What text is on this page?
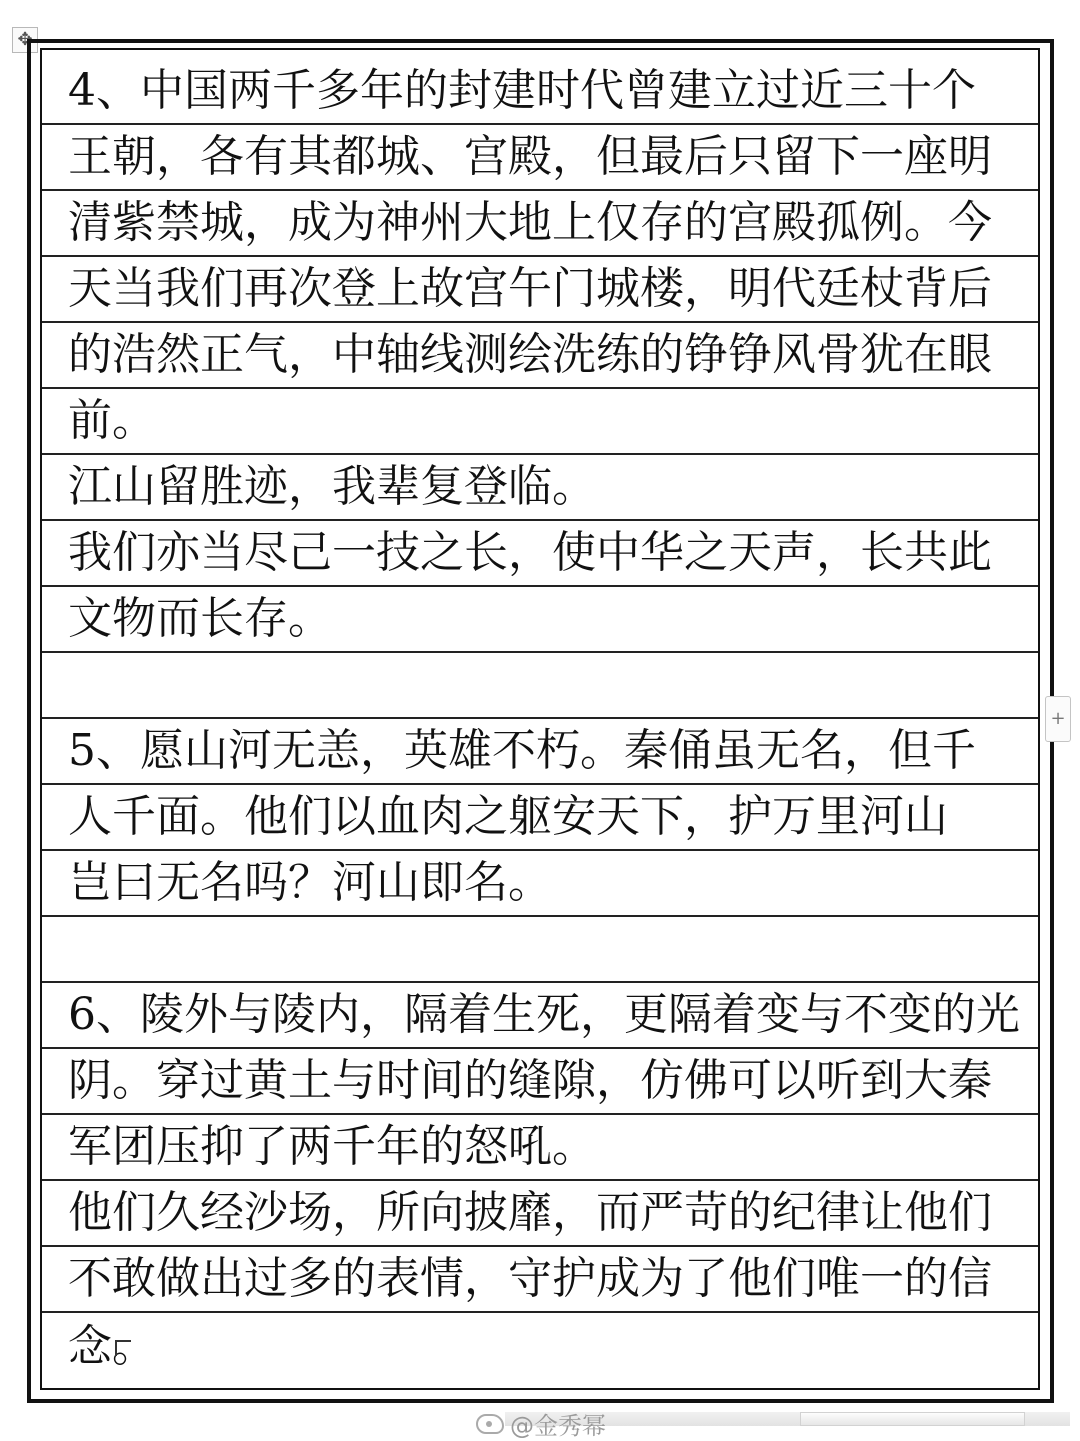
✥
4、中国两千多年的封建时代曾建立过近三十个
王朝，各有其都城、宫殿，但最后只留下一座明
清紫禁城，成为神州大地上仅存的宫殿孤例。今
天当我们再次登上故宫午门城楼，明代廷杖背后
的浩然正气，中轴线测绘洗练的铮铮风骨犹在眼
前。
江山留胜迹，我辈复登临。
我们亦当尽己一技之长，使中华之天声，长共此
文物而长存。
5、愿山河无恙，英雄不朽。秦俑虽无名，但千
人千面。他们以血肉之躯安天下，护万里河山
岂曰无名吗？河山即名。
6、陵外与陵内，隔着生死，更隔着变与不变的光
阴。穿过黄土与时间的缝隙，仿佛可以听到大秦
军团压抑了两千年的怒吼。
他们久经沙场，所向披靡，而严苛的纪律让他们
不敢做出过多的表情，守护成为了他们唯一的信
念。
+
@金秀幂
